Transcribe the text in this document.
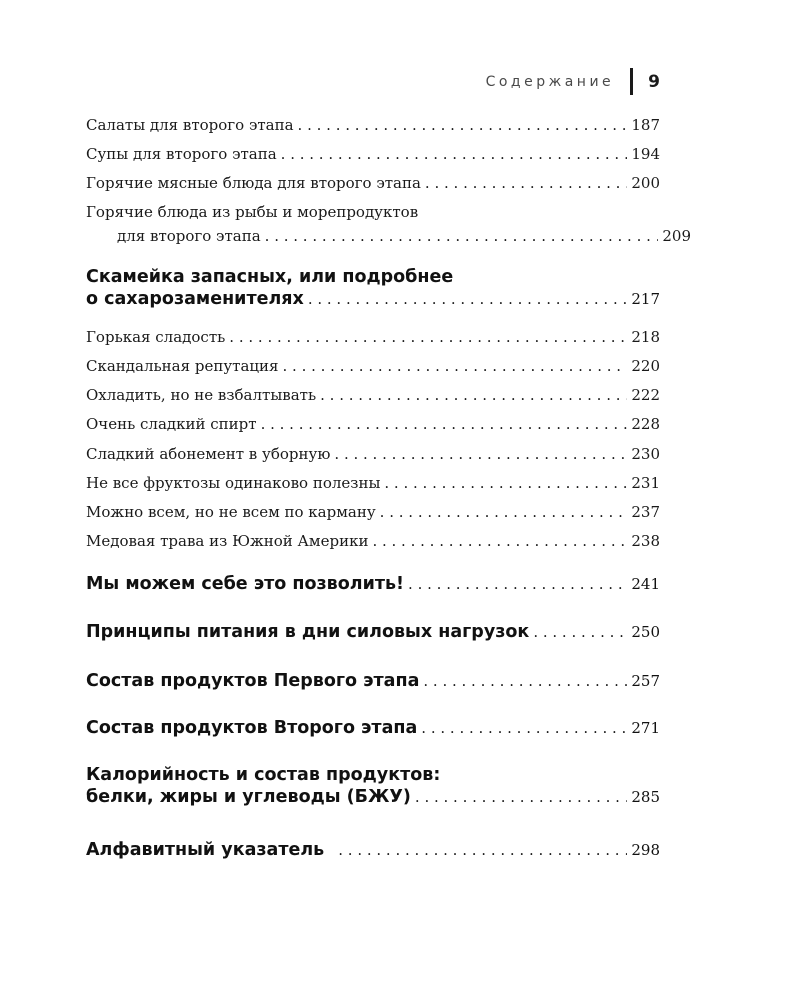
Содержание 9
Салаты для второго этапа . . .	187
Супы для второго этапа . . .	194
Горячие мясные блюда для второго этапа . . .	200
Горячие блюда из рыбы и морепродуктов
для второго этапа . . .	209
Скамейка запасных, или подробнее
о сахарозаменителях . . .	217
Горькая сладость . . .	218
Скандальная репутация . . .	220
Охладить, но не взбалтывать . . .	222
Очень сладкий спирт . . .	228
Сладкий абонемент в уборную . . .	230
Не все фруктозы одинаково полезны . . .	231
Можно всем, но не всем по карману . . .	237
Медовая трава из Южной Америки . . .	238
Мы можем себе это позволить! . . .	241
Принципы питания в дни силовых нагрузок . . .	250
Состав продуктов Первого этапа . . .	257
Состав продуктов Второго этапа . . .	271
Калорийность и состав продуктов:
белки, жиры и углеводы (БЖУ) . . .	285
Алфавитный указатель . . .	298
